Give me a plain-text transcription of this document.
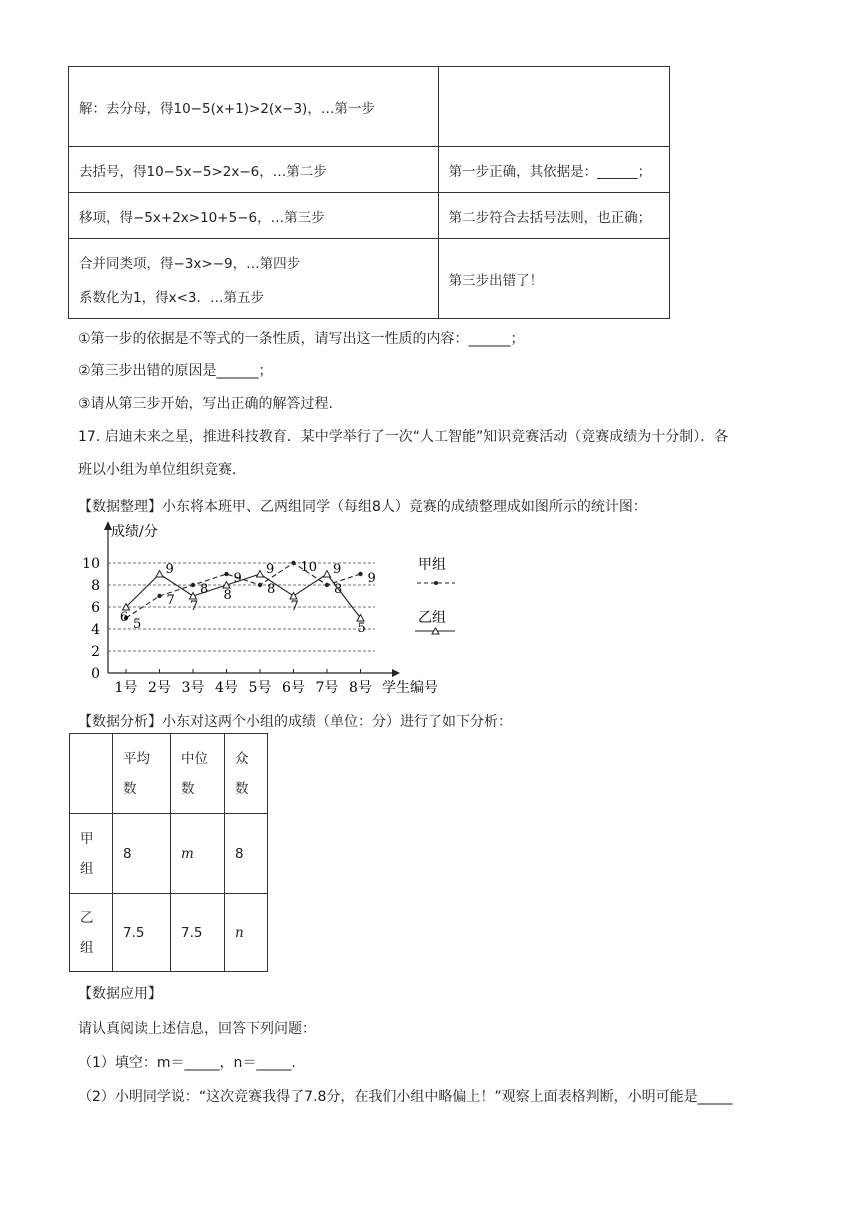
解：去分母，得10−5(x+1)>2(x−3)，…第一步	
去括号，得10−5x−5>2x−6，…第二步	第一步正确，其依据是：______；
移项，得−5x+2x>10+5−6，…第三步	第二步符合去括号法则，也正确；

合并同类项，得−3x>−9，…第四步
系数化为1，得x<3．…第五步	第三步出错了！
①第一步的依据是不等式的一条性质，请写出这一性质的内容：______；
②第三步出错的原因是______；
③请从第三步开始，写出正确的解答过程.
17. 启迪未来之星，推进科技教育．某中学举行了一次“人工智能”知识竞赛活动（竞赛成绩为十分制）．各
班以小组为单位组织竞赛．
【数据整理】小东将本班甲、乙两组同学（每组8人）竞赛的成绩整理成如图所示的统计图：
成绩/分
0
2
4
6
8
10
1号 2号 3号 4号 5号 6号 7号 8号 学生编号
5
7
8
9
8
10
8
9
6
9
7
8
9
7
9
5
甲组
乙组
【数据分析】小东对这两个小组的成绩（单位：分）进行了如下分析：

	平均数	中位数	众数

甲组	8	m	8

乙组	7.5	7.5	n
【数据应用】
请认真阅读上述信息，回答下列问题：
（1）填空：m＝_____，n＝_____.
（2）小明同学说：“这次竞赛我得了7.8分，在我们小组中略偏上！”观察上面表格判断，小明可能是_____
